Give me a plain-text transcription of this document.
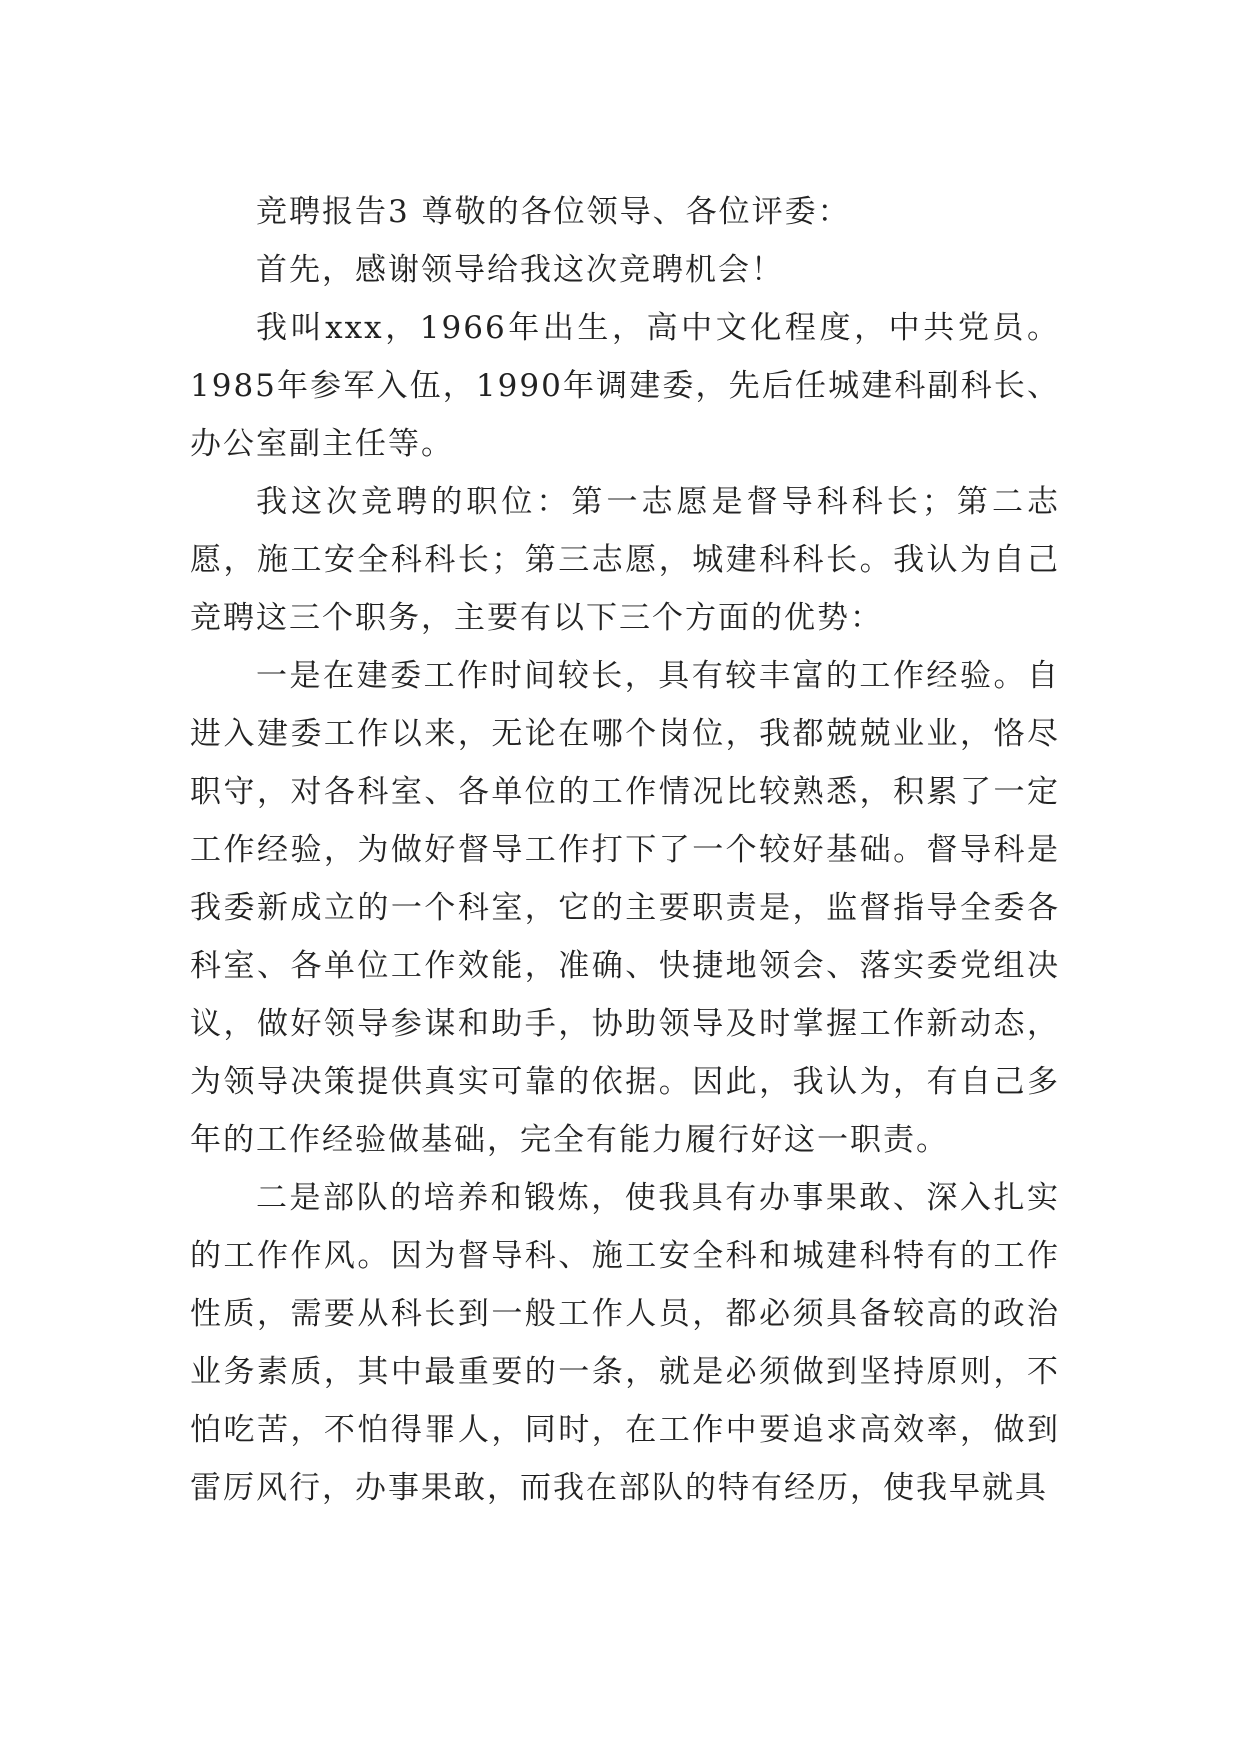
竞聘报告3 尊敬的各位领导、各位评委：

首先，感谢领导给我这次竞聘机会！

我叫xxx，1966年出生，高中文化程度，中共党员。1985年参军入伍，1990年调建委，先后任城建科副科长、办公室副主任等。

我这次竞聘的职位：第一志愿是督导科科长；第二志愿，施工安全科科长；第三志愿，城建科科长。我认为自己竞聘这三个职务，主要有以下三个方面的优势：

一是在建委工作时间较长，具有较丰富的工作经验。自进入建委工作以来，无论在哪个岗位，我都兢兢业业，恪尽职守，对各科室、各单位的工作情况比较熟悉，积累了一定工作经验，为做好督导工作打下了一个较好基础。督导科是我委新成立的一个科室，它的主要职责是，监督指导全委各科室、各单位工作效能，准确、快捷地领会、落实委党组决议，做好领导参谋和助手，协助领导及时掌握工作新动态，为领导决策提供真实可靠的依据。因此，我认为，有自己多年的工作经验做基础，完全有能力履行好这一职责。

二是部队的培养和锻炼，使我具有办事果敢、深入扎实的工作作风。因为督导科、施工安全科和城建科特有的工作性质，需要从科长到一般工作人员，都必须具备较高的政治业务素质，其中最重要的一条，就是必须做到坚持原则，不怕吃苦，不怕得罪人，同时，在工作中要追求高效率，做到雷厉风行，办事果敢，而我在部队的特有经历，使我早就具
